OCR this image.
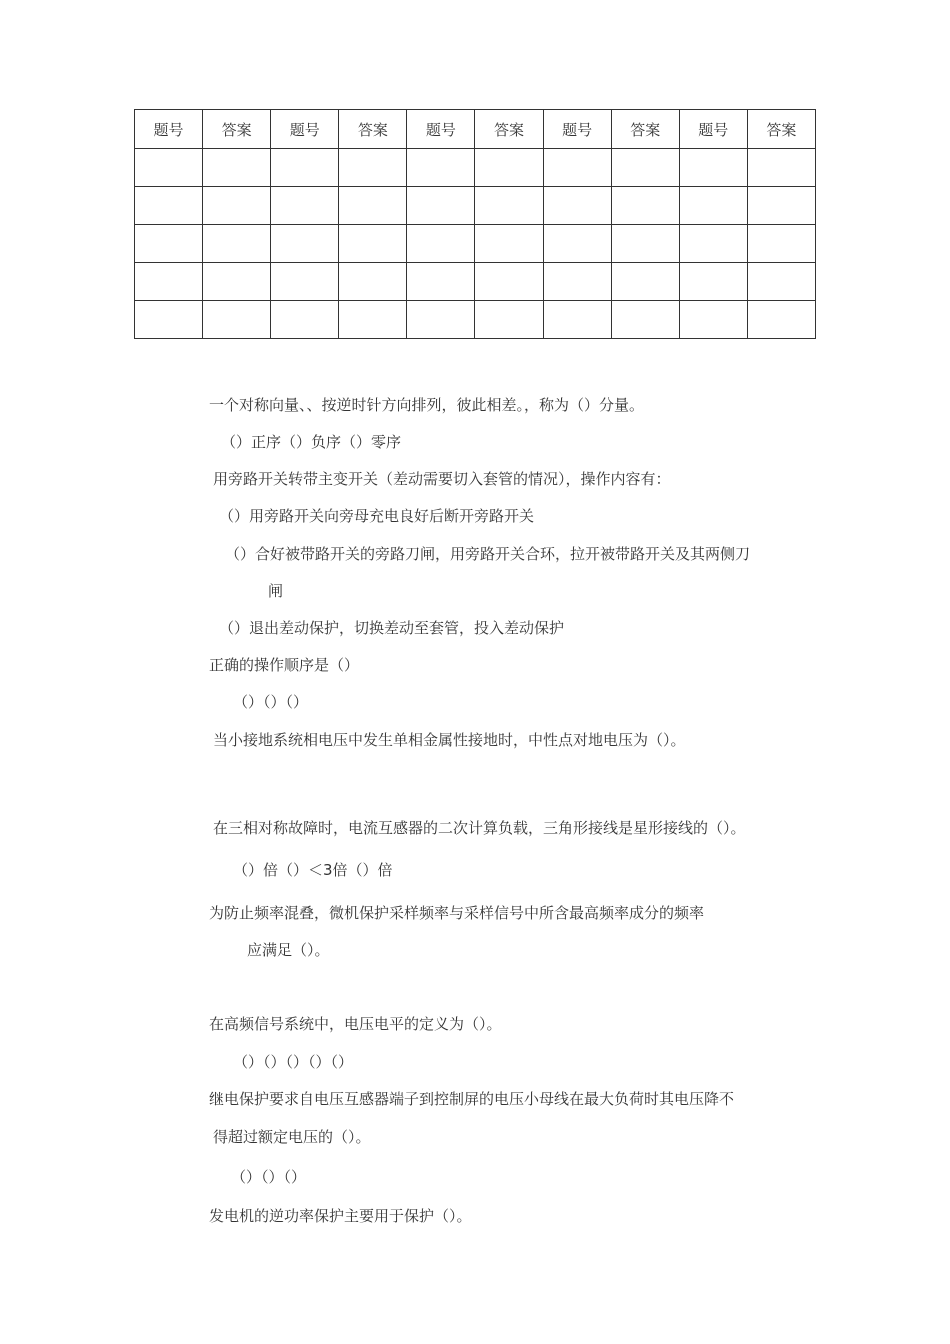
题号	答案	题号	答案	题号	答案	题号	答案	题号	答案

一个对称向量、、按逆时针方向排列，彼此相差。，称为（）分量。
（）正序（）负序（）零序
用旁路开关转带主变开关（差动需要切入套管的情况），操作内容有：
（）用旁路开关向旁母充电良好后断开旁路开关
（）合好被带路开关的旁路刀闸，用旁路开关合环，拉开被带路开关及其两侧刀
闸
（）退出差动保护，切换差动至套管，投入差动保护
正确的操作顺序是（）
（）（）（）
当小接地系统相电压中发生单相金属性接地时，中性点对地电压为（）。
在三相对称故障时，电流互感器的二次计算负载，三角形接线是星形接线的（）。
（）倍（）＜3倍（）倍
为防止频率混叠，微机保护采样频率与采样信号中所含最高频率成分的频率
应满足（）。
在高频信号系统中，电压电平的定义为（）。
（）（）（）（）（）
继电保护要求自电压互感器端子到控制屏的电压小母线在最大负荷时其电压降不
得超过额定电压的（）。
（）（）（）
发电机的逆功率保护主要用于保护（）。
